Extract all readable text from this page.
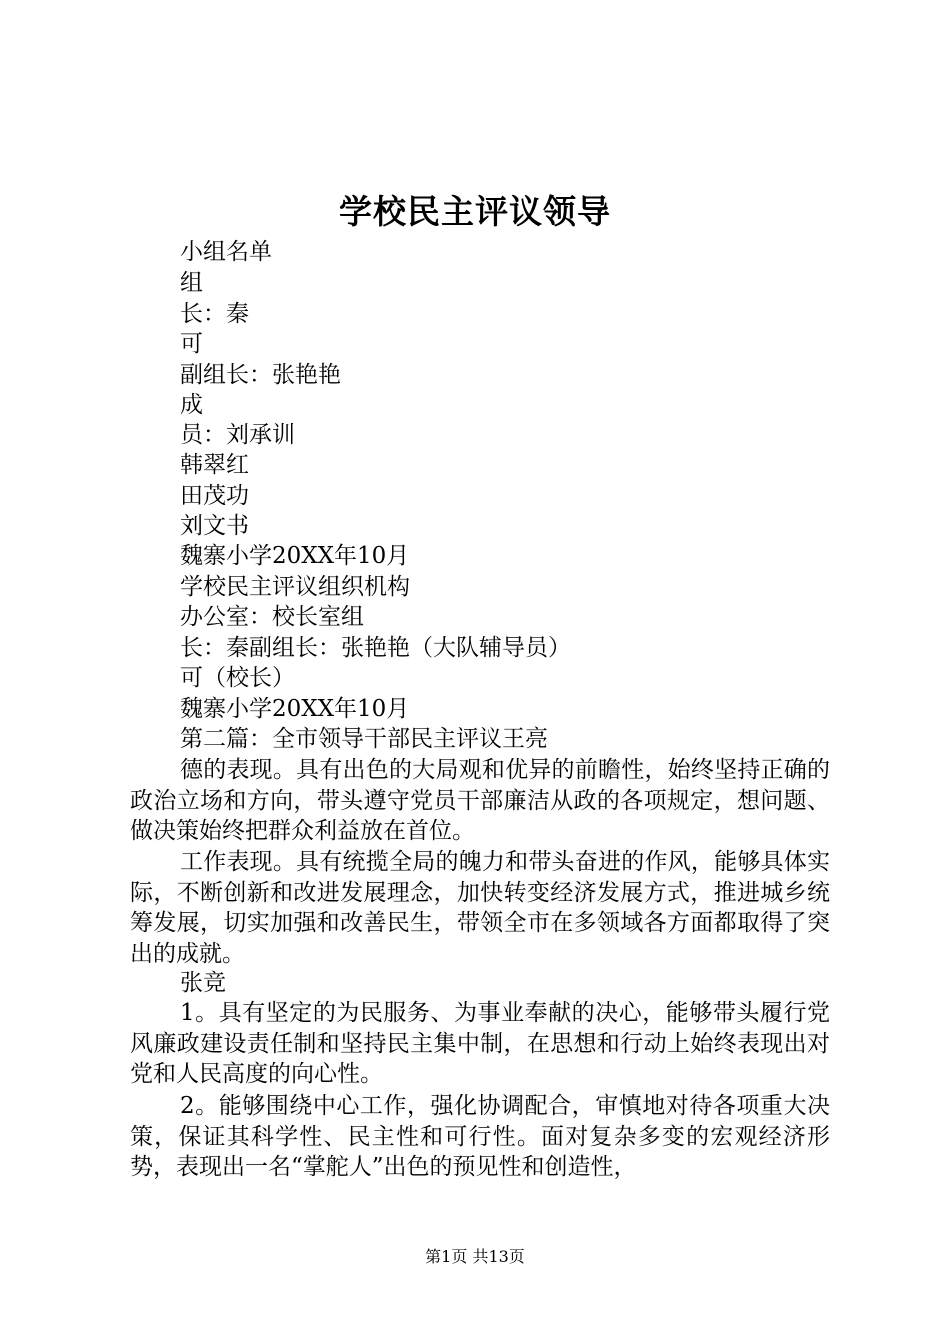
学校民主评议领导
小组名单
组
长：秦
可
副组长：张艳艳
成
员：刘承训
韩翠红
田茂功
刘文书
魏寨小学20XX年10月
学校民主评议组织机构
办公室：校长室组
长：秦副组长：张艳艳（大队辅导员）
可（校长）
魏寨小学20XX年10月
第二篇：全市领导干部民主评议王亮

德的表现。具有出色的大局观和优异的前瞻性，始终坚持正确的政治立场和方向，带头遵守党员干部廉洁从政的各项规定，想问题、做决策始终把群众利益放在首位。

工作表现。具有统揽全局的魄力和带头奋进的作风，能够具体实际，不断创新和改进发展理念，加快转变经济发展方式，推进城乡统筹发展，切实加强和改善民生，带领全市在多领域各方面都取得了突出的成就。

张竞

1。具有坚定的为民服务、为事业奉献的决心，能够带头履行党风廉政建设责任制和坚持民主集中制，在思想和行动上始终表现出对党和人民高度的向心性。

2。能够围绕中心工作，强化协调配合，审慎地对待各项重大决策，保证其科学性、民主性和可行性。面对复杂多变的宏观经济形势，表现出一名“掌舵人”出色的预见性和创造性，

第1页 共13页
